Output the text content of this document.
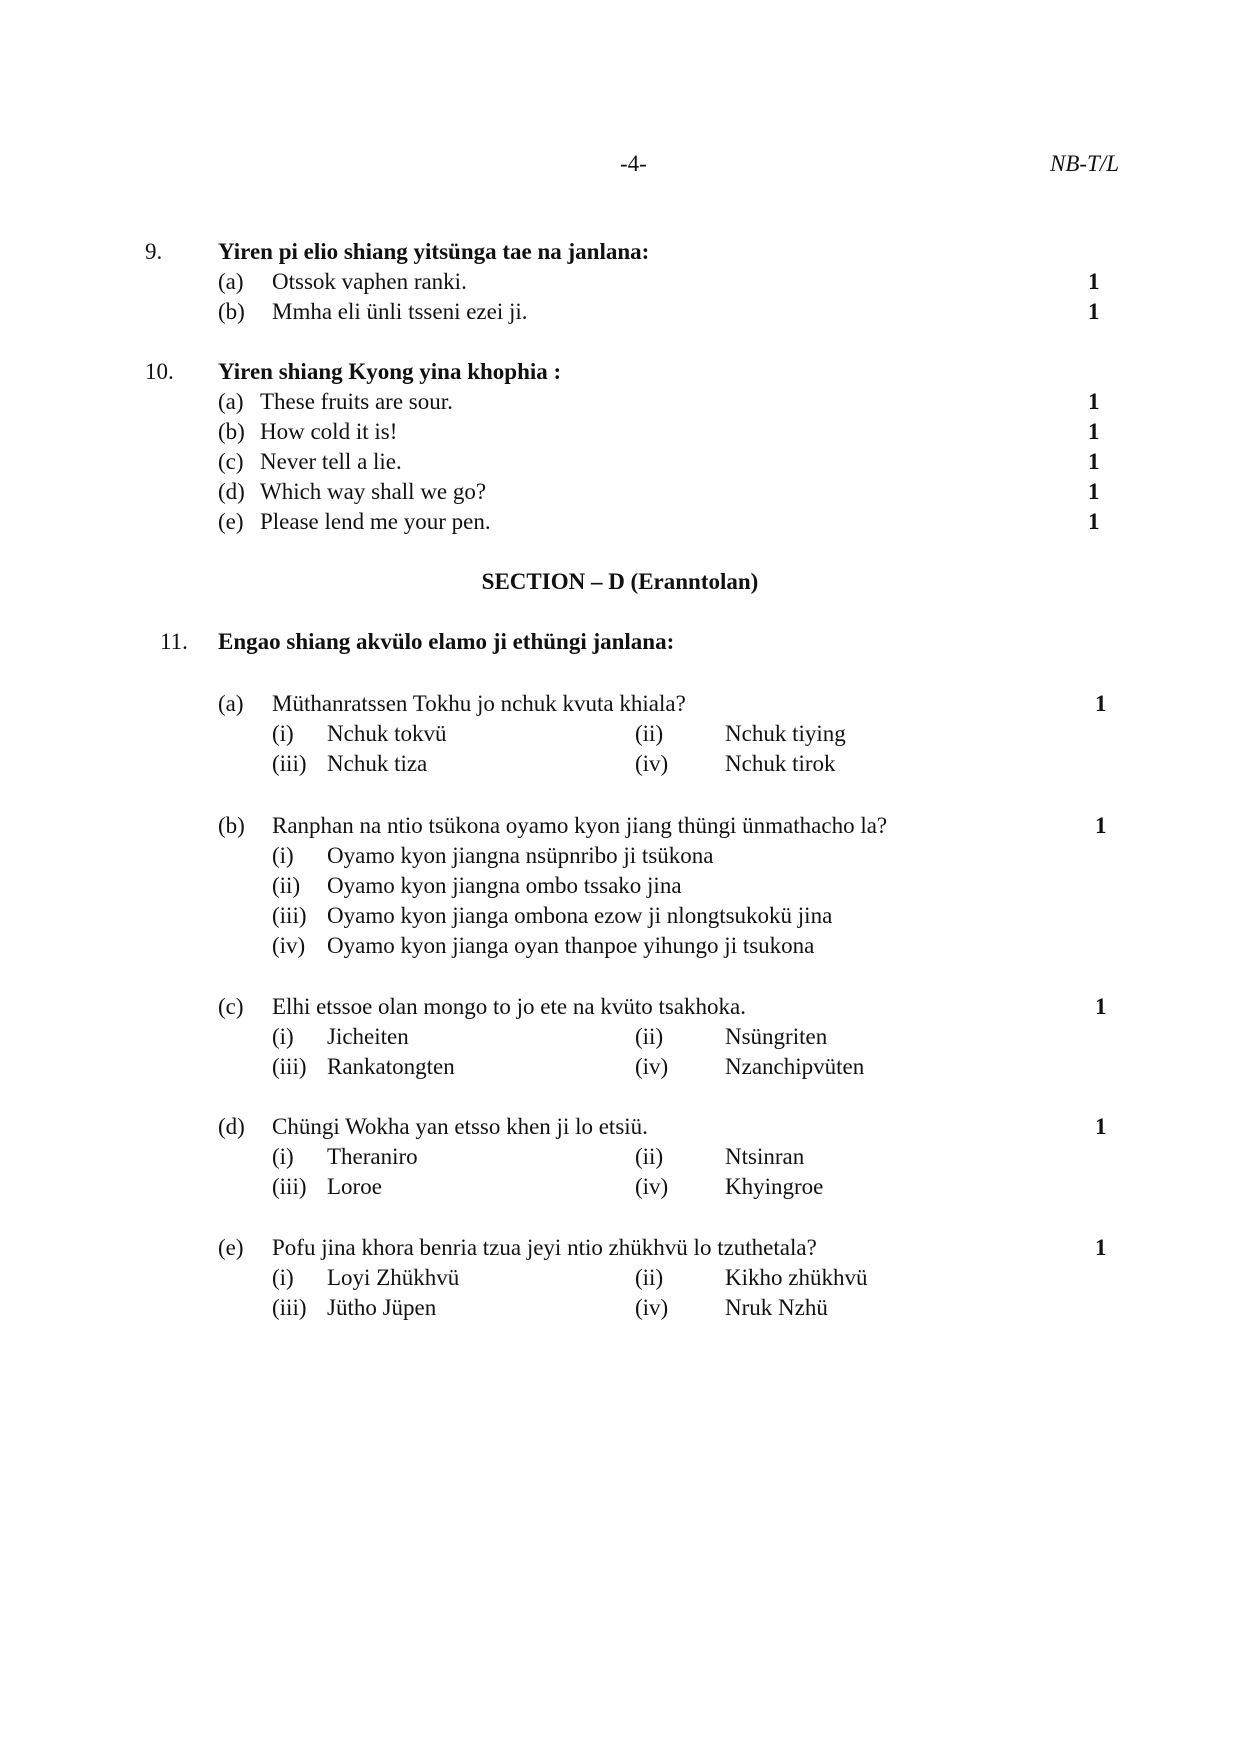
-4-	NB-T/L
9. Yiren pi elio shiang yitsünga tae na janlana:
(a) Otssok vaphen ranki.	1
(b) Mmha eli ünli tsseni ezei ji.	1
10. Yiren shiang Kyong yina khophia :
(a) These fruits are sour.	1
(b) How cold it is!	1
(c) Never tell a lie.	1
(d) Which way shall we go?	1
(e) Please lend me your pen.	1
SECTION – D (Eranntolan)
11. Engao shiang akvülo elamo ji ethüngi janlana:
(a) Müthanratssen Tokhu jo nchuk kvuta khiala?	1
(i) Nchuk tokvü	(ii)	Nchuk tiying
(iii) Nchuk tiza	(iv) Nchuk tirok
(b) Ranphan na ntio tsükona oyamo kyon jiang thüngi ünmathacho la?	1
(i) Oyamo kyon jiangna nsüpnribo ji tsükona
(ii) Oyamo kyon jiangna ombo tssako jina
(iii) Oyamo kyon jianga ombona ezow ji nlongtsukokü jina
(iv) Oyamo kyon jianga oyan thanpoe yihungo ji tsukona
(c) Elhi etssoe olan mongo to jo ete na kvüto tsakhoka.	1
(i) Jicheiten	(ii)	Nsüngriten
(iii) Rankatongten	(iv) Nzanchipvüten
(d) Chüngi Wokha yan etsso khen ji lo etsiü.	1
(i) Theraniro	(ii)	Ntsinran
(iii) Loroe	(iv) Khyingroe
(e) Pofu jina khora benria tzua jeyi ntio zhükhvü lo tzuthetala?	1
(i) Loyi Zhükhvü	(ii)	Kikho zhükhvü
(iii) Jütho Jüpen	(iv) Nruk Nzhü
